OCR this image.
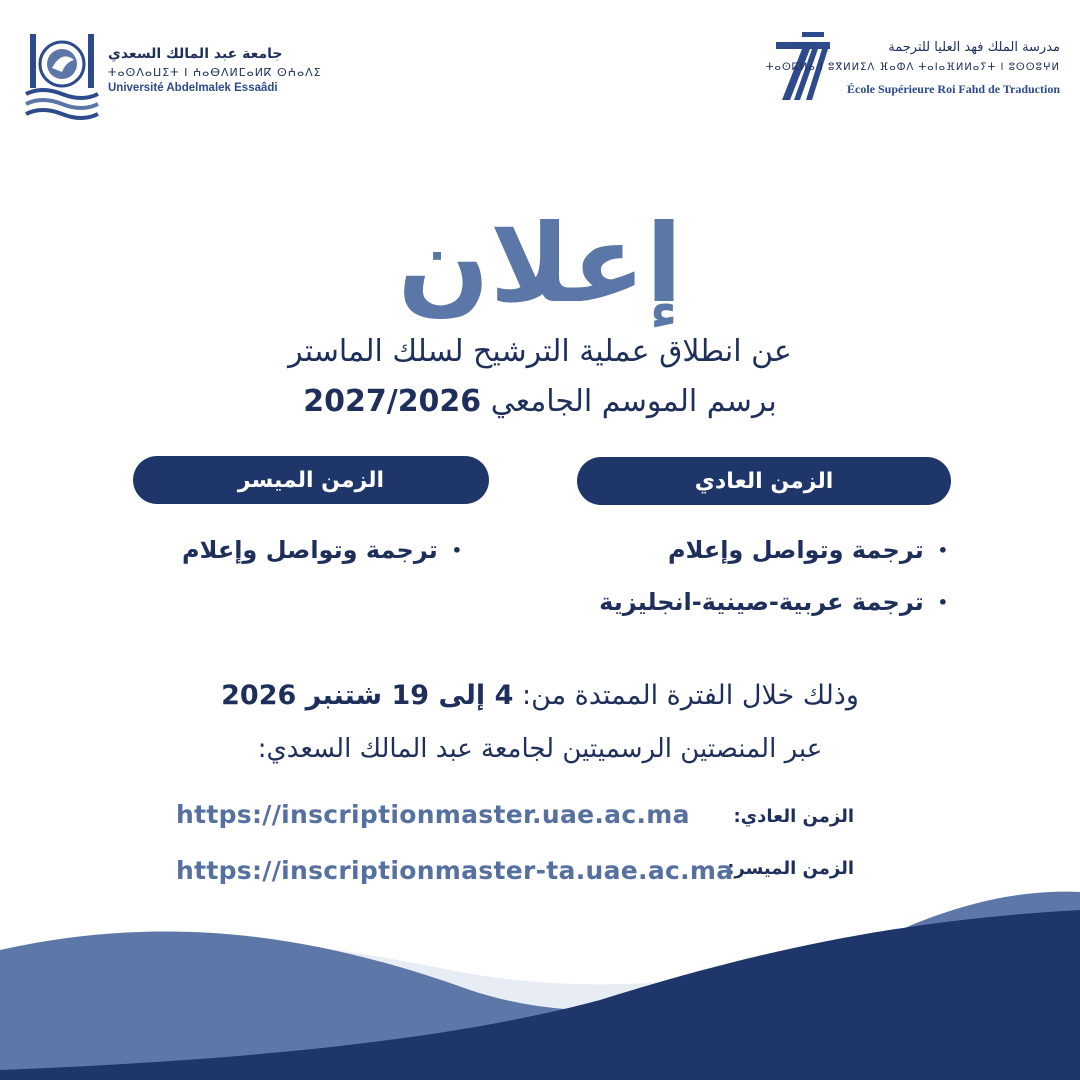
جامعة عبد المالك السعدي
ⵜⴰⵙⴷⴰⵡⵉⵜ ⵏ ⵄⴰⴱⴷⵍⵎⴰⵍⴽ ⵙⵄⴰⴷⵉ
Université Abdelmalek Essaâdi
مدرسة الملك فهد العليا للترجمة
ⵜⴰⵙⴽⵍⴰ ⵏ ⵓⴳⵍⵍⵉⴷ ⴼⴰⵀⴷ ⵜⴰⵏⴰⴼⵍⵍⴰⵢⵜ ⵏ ⵓⵙⵙⵓⵖⵍ
École Supérieure Roi Fahd de Traduction
إعلان
عن انطلاق عملية الترشيح لسلك الماستر
برسم الموسم الجامعي 2027/2026
الزمن العادي
الزمن الميسر
•
ترجمة وتواصل وإعلام
•
ترجمة عربية-صينية-انجليزية
•
ترجمة وتواصل وإعلام
وذلك خلال الفترة الممتدة من: 4 إلى 19 شتنبر 2026
عبر المنصتين الرسميتين لجامعة عبد المالك السعدي:
الزمن العادي:
https://inscriptionmaster.uae.ac.ma
الزمن الميسر:
https://inscriptionmaster-ta.uae.ac.ma
